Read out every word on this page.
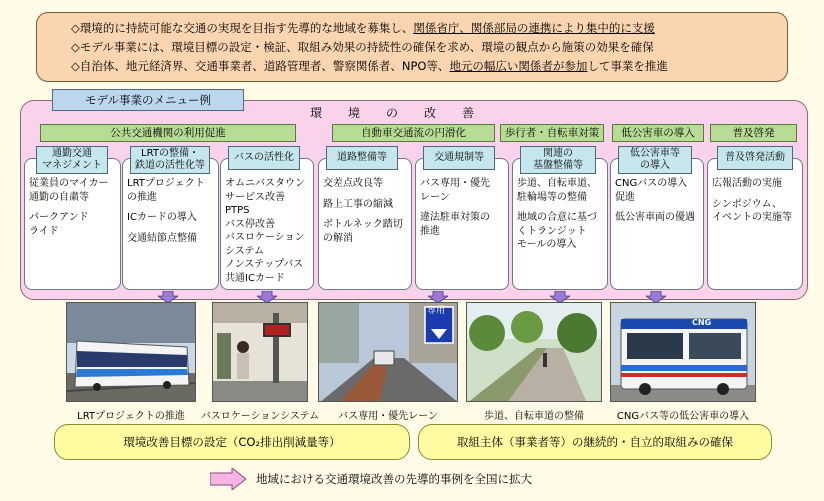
◇環境的に持続可能な交通の実現を目指す先導的な地域を募集し、関係省庁、関係部局の連携により集中的に支援
◇モデル事業には、環境目標の設定・検証、取組み効果の持続性の確保を求め、環境の観点から施策の効果を確保
◇自治体、地元経済界、交通事業者、道路管理者、警察関係者、NPO等、地元の幅広い関係者が参加して事業を推進
モデル事業のメニュー例
環境の改善
公共交通機関の利用促進	自動車交通流の円滑化	歩行者・自転車対策	低公害車の導入	普及啓発
従業員のマイカー通勤の自粛等
パークアンド
ライド
通勤交通
マネジメント
LRTプロジェクトの推進
ICカードの導入
交通結節点整備
LRTの整備・
鉄道の活性化等
オムニバスタウン
サービス改善
PTPS
バス停改善
バスロケーション
システム
ノンステップバス
共通ICカード
バスの活性化
交差点改良等
路上工事の縮減
ボトルネック踏切の解消
道路整備等
バス専用・優先
レーン
違法駐車対策の
推進
交通規制等
歩道、自転車道、駐輪場等の整備
地域の合意に基づくトランジット
モールの導入
関連の
基盤整備等
CNGバスの導入
促進
低公害車両の優遇
低公害車等
の導入
広報活動の実施
シンポジウム、
イベントの実施等
普及啓発活動
専用
CNG
LRTプロジェクトの推進	バスロケーションシステム	バス専用・優先レーン	歩道、自転車道の整備	CNGバス等の低公害車の導入
環境改善目標の設定（CO₂排出削減量等）	取組主体（事業者等）の継続的・自立的取組みの確保
地域における交通環境改善の先導的事例を全国に拡大
